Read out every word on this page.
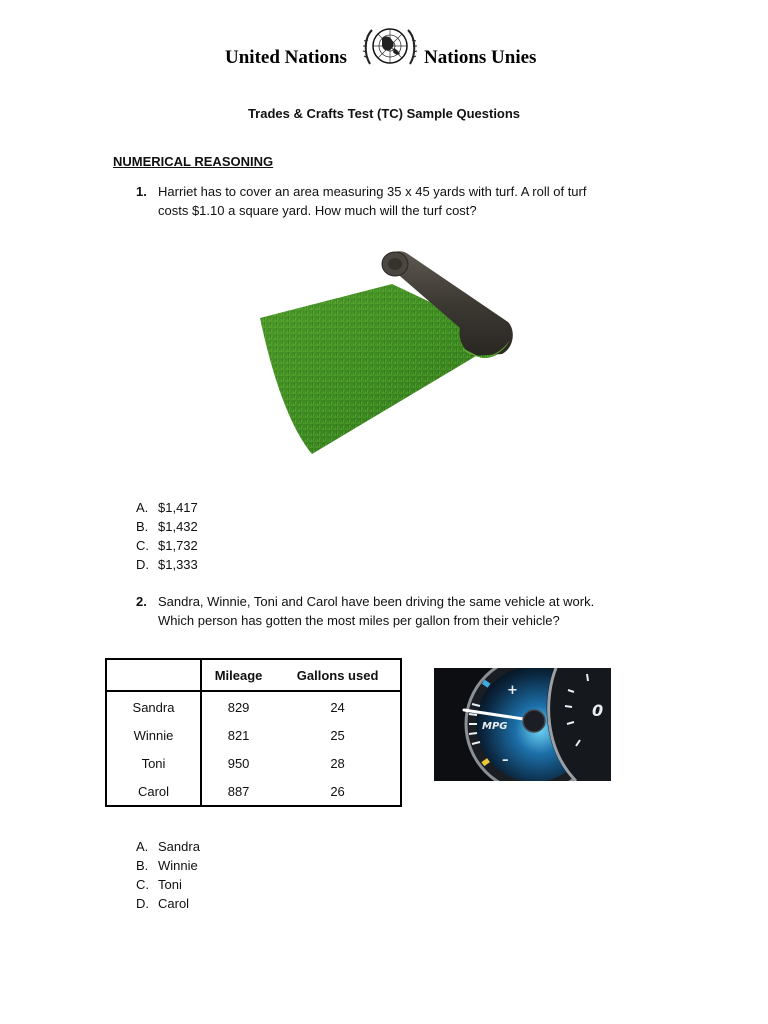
United Nations	Nations Unies
Trades & Crafts Test (TC) Sample Questions
NUMERICAL REASONING
1. Harriet has to cover an area measuring 35 x 45 yards with turf. A roll of turf
costs $1.10 a square yard. How much will the turf cost?
A. $1,417
B. $1,432
C. $1,732
D. $1,333
2. Sandra, Winnie, Toni and Carol have been driving the same vehicle at work.
Which person has gotten the most miles per gallon from their vehicle?
	Mileage	Gallons used
Sandra	829	24
Winnie	821	25
Toni	950	28
Carol	887	26
+
–
MPG
0
A. Sandra
B. Winnie
C. Toni
D. Carol
